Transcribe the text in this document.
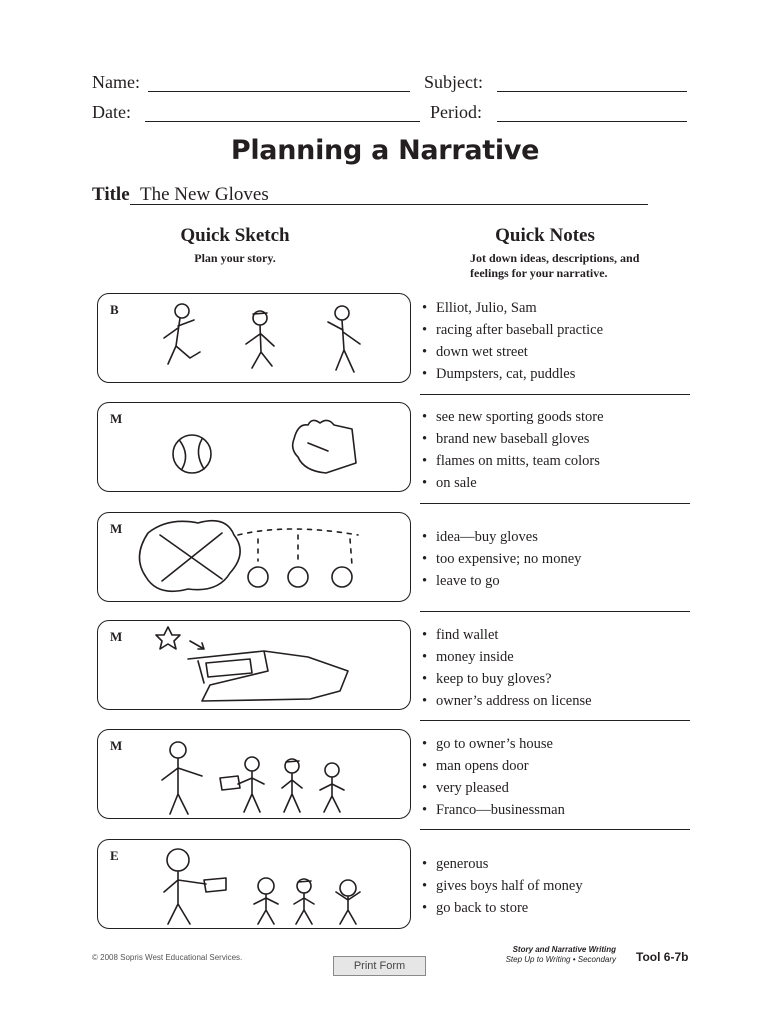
Name:	Subject:
Date:	Period:
Planning a Narrative
Title The New Gloves
Quick Sketch
Plan your story.
Quick Notes
Jot down ideas, descriptions, and
feelings for your narrative.
B	• Elliot, Julio, Sam
• racing after baseball practice
• down wet street
• Dumpsters, cat, puddles
M	• see new sporting goods store
• brand new baseball gloves
• flames on mitts, team colors
• on sale
M
• idea—buy gloves
• too expensive; no money
• leave to go
M	• find wallet
• money inside
• keep to buy gloves?
• owner’s address on license
M	• go to owner’s house
• man opens door
• very pleased
• Franco—businessman
E
• generous
• gives boys half of money
• go back to store
© 2008 Sopris West Educational Services.
Print Form
Story and Narrative Writing
Step Up to Writing • Secondary Tool 6-7b
